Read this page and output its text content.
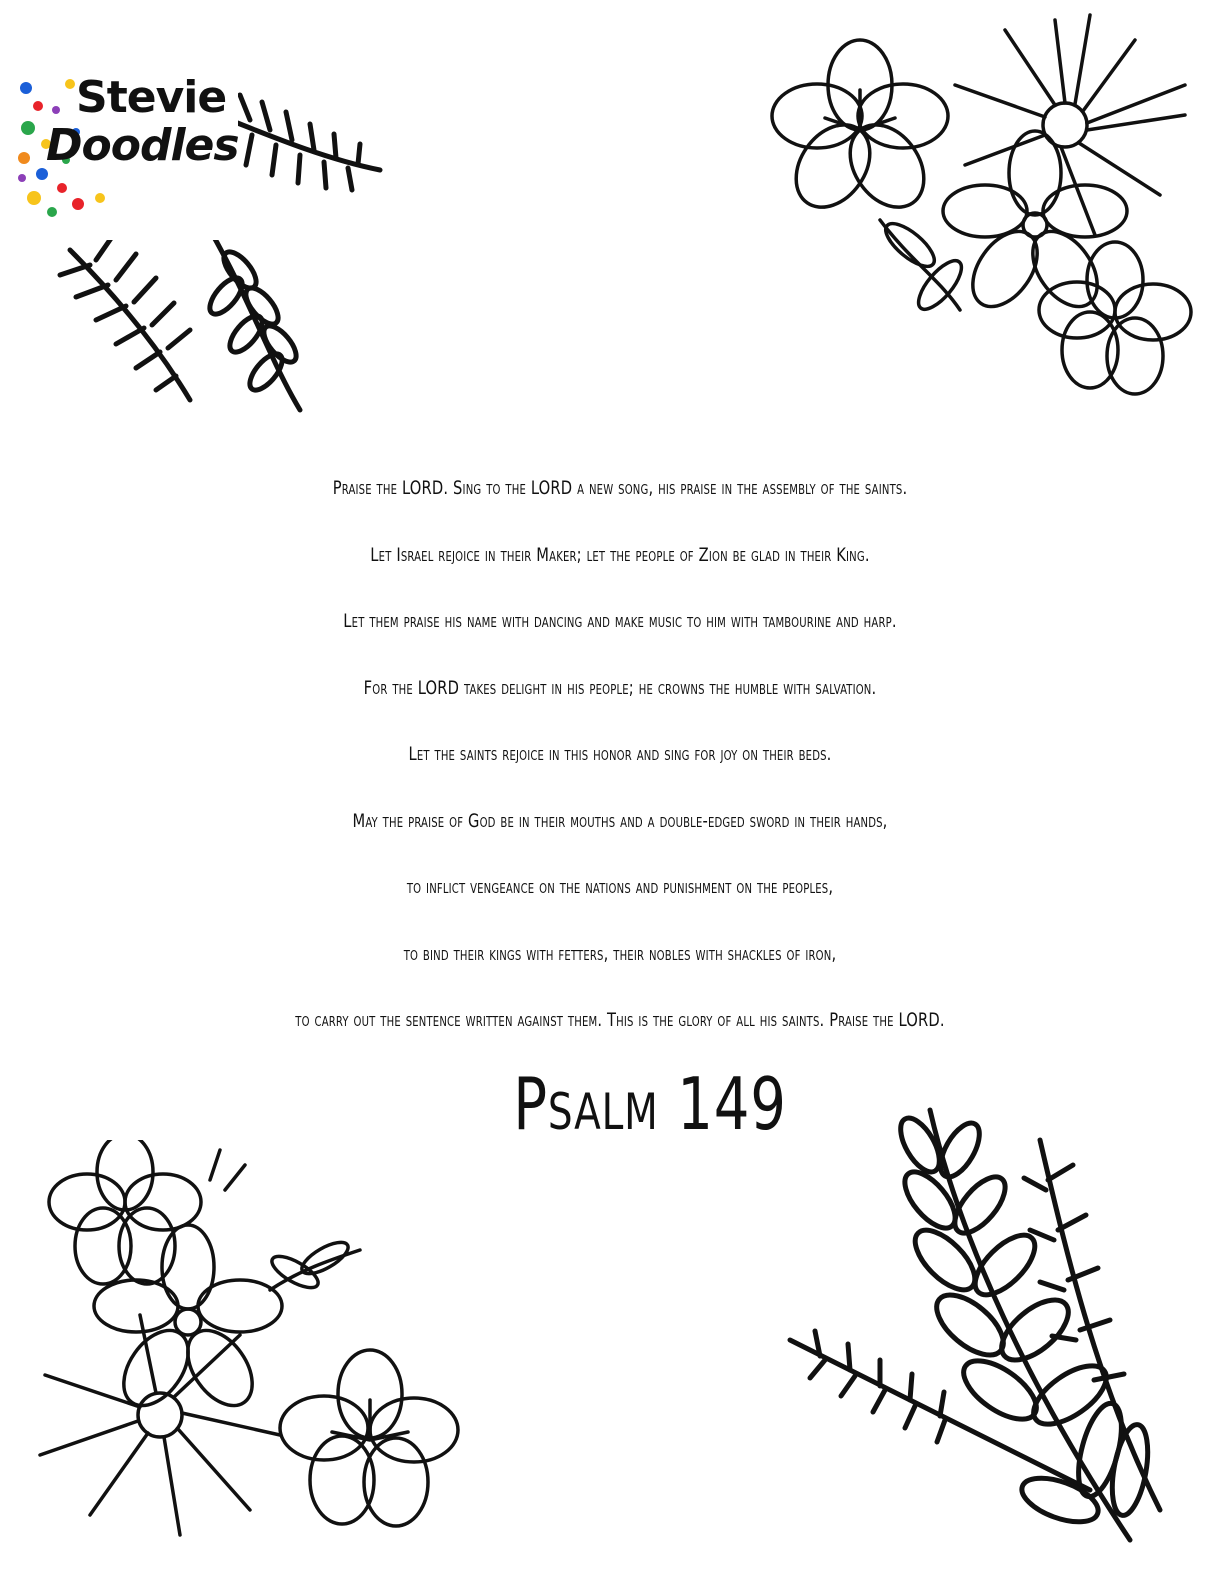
Stevie
Doodles
Praise the LORD. Sing to the LORD a new song, his praise in the assembly of the saints.
Let Israel rejoice in their Maker; let the people of Zion be glad in their King.
Let them praise his name with dancing and make music to him with tambourine and harp.
For the LORD takes delight in his people; he crowns the humble with salvation.
Let the saints rejoice in this honor and sing for joy on their beds.
May the praise of God be in their mouths and a double-edged sword in their hands,
to inflict vengeance on the nations and punishment on the peoples,
to bind their kings with fetters, their nobles with shackles of iron,
to carry out the sentence written against them. This is the glory of all his saints. Praise the LORD.
Psalm 149
